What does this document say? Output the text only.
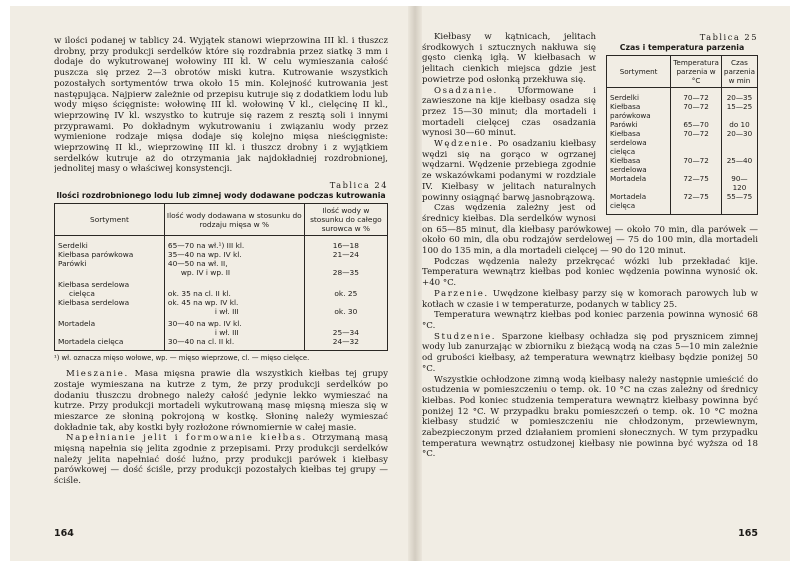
w ilości podanej w tablicy 24. Wyjątek stanowi wieprzowina III kl. i tłuszcz drobny, przy produkcji serdelków które się rozdrabnia przez siatkę 3 mm i dodaje do wykutrowanej wołowiny III kl. W celu wymieszania całość puszcza się przez 2—3 obrotów miski kutra. Kutrowanie wszystkich pozostałych sortymentów trwa około 15 min. Kolejność kutrowania jest następująca. Najpierw zależnie od przepisu kutruje się z dodatkiem lodu lub wody mięso ścięgniste: wołowinę III kl. wołowinę V kl., cielęcinę II kl., wieprzowinę IV kl. wszystko to kutruje się razem z resztą soli i innymi przyprawami. Po dokładnym wykutrowaniu i związaniu wody przez wymienione rodzaje mięsa dodaje się kolejno mięsa nieścięgniste: wieprzowinę II kl., wieprzowinę III kl. i tłuszcz drobny i z wyjątkiem serdelków kutruje aż do otrzymania jak najdokładniej rozdrobnionej, jednolitej masy o właściwej konsystencji.

Tablica 24
Ilości rozdrobnionego lodu lub zimnej wody dodawane podczas kutrowania
Sortyment	Ilość wody dodawana w stosunku do rodzaju mięsa w %	Ilość wody w stosunku do całego surowca w %
Serdelki	65—70 na wł.¹) III kl.	16—18
Kiełbasa parówkowa	35—40 na wp. IV kl.	21—24
Parówki	40—50 na wł. II,	
	wp. IV i wp. II	28—35
Kiełbasa serdelowa		
cielęca	ok. 35 na cl. II kl.	ok. 25
Kiełbasa serdelowa	ok. 45 na wp. IV kl.	
	i wł. III	ok. 30
Mortadela	30—40 na wp. IV kl.	
	i wł. III	25—34
Mortadela cielęca	30—40 na cl. II kl.	24—32
¹) wł. oznacza mięso wołowe, wp. — mięso wieprzowe, cl. — mięso cielęce.

Mieszanie. Masa mięsna prawie dla wszystkich kiełbas tej grupy zostaje wymieszana na kutrze z tym, że przy produkcji serdelków po dodaniu tłuszczu drobnego należy całość jedynie lekko wymieszać na kutrze. Przy produkcji mortadeli wykutrowaną masę mięsną miesza się w mieszarce ze słoniną pokrojoną w kostkę. Słoninę należy wymieszać dokładnie tak, aby kostki były rozłożone równomiernie w całej masie.

Napełnianie jelit i formowanie kiełbas. Otrzymaną masą mięsną napełnia się jelita zgodnie z przepisami. Przy produkcji serdelków należy jelita napełniać dość luźno, przy produkcji parówek i kiełbasy parówkowej — dość ściśle, przy produkcji pozostałych kiełbas tej grupy — ściśle.

164
Tablica 25
Czas i temperatura parzenia
Sortyment	Temperatura parzenia w °C	Czas parzenia w min
Serdelki	70—72	20—35
Kiełbasa parówkowa	70—72	15—25
Parówki	65—70	do 10
Kiełbasa serdelowa cielęca	70—72	20—30
Kiełbasa serdelowa	70—72	25—40
Mortadela	72—75	90—120
Mortadela cielęca	72—75	55—75

Kiełbasy w kątnicach, jelitach środkowych i sztucznych nakłuwa się gęsto cienką igłą. W kiełbasach w jelitach cienkich miejsca gdzie jest powietrze pod osłonką przekłuwa się.

Osadzanie. Uformowane i zawieszone na kije kiełbasy osadza się przez 15—30 minut; dla mortadeli i mortadeli cielęcej czas osadzania wynosi 30—60 minut.

Wędzenie. Po osadzaniu kiełbasy wędzi się na gorąco w ogrzanej wędzarni. Wędzenie przebiega zgodnie ze wskazówkami podanymi w rozdziale IV. Kiełbasy w jelitach naturalnych powinny osiągnąć barwę jasnobrązową.

Czas wędzenia zależny jest od średnicy kiełbas. Dla serdelków wynosi on 65—85 minut, dla kiełbasy parówkowej — około 70 min, dla parówek — około 60 min, dla obu rodzajów serdelowej — 75 do 100 min, dla mortadeli 100 do 135 min, a dla mortadeli cielęcej — 90 do 120 minut.

Podczas wędzenia należy przekręcać wózki lub przekładać kije. Temperatura wewnątrz kiełbas pod koniec wędzenia powinna wynosić ok. +40 °C.

Parzenie. Uwędzone kiełbasy parzy się w komorach parowych lub w kotłach w czasie i w temperaturze, podanych w tablicy 25.

Temperatura wewnątrz kiełbas pod koniec parzenia powinna wynosić 68 °C.

Studzenie. Sparzone kiełbasy ochładza się pod prysznicem zimnej wody lub zanurzając w zbiorniku z bieżącą wodą na czas 5—10 min zależnie od grubości kiełbasy, aż temperatura wewnątrz kiełbasy będzie poniżej 50 °C.

Wszystkie ochłodzone zimną wodą kiełbasy należy następnie umieścić do ostudzenia w pomieszczeniu o temp. ok. 10 °C na czas zależny od średnicy kiełbas. Pod koniec studzenia temperatura wewnątrz kiełbasy powinna być poniżej 12 °C. W przypadku braku pomieszczeń o temp. ok. 10 °C można kiełbasy studzić w pomieszczeniu nie chłodzonym, przewiewnym, zabezpieczonym przed działaniem promieni słonecznych. W tym przypadku temperatura wewnątrz ostudzonej kiełbasy nie powinna być wyższa od 18 °C.

165
